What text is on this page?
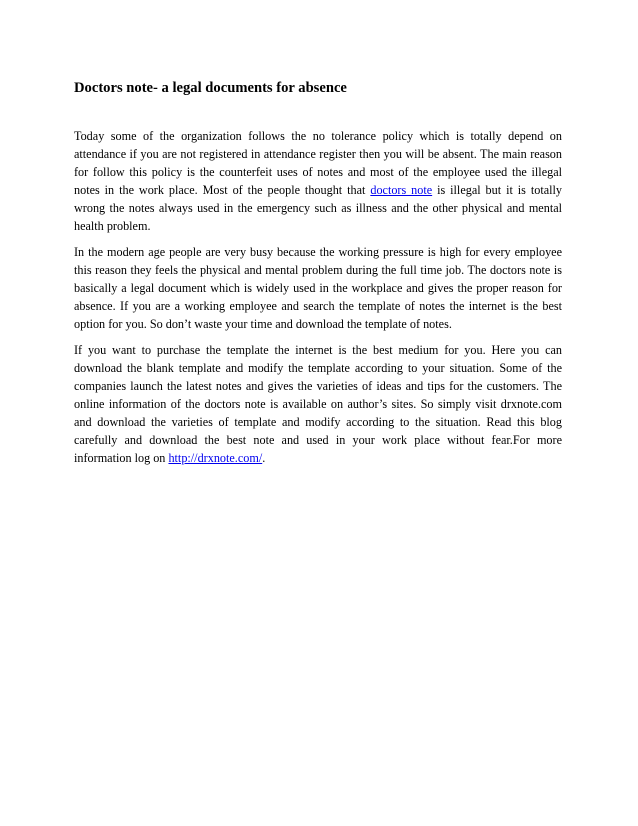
Doctors note- a legal documents for absence

Today some of the organization follows the no tolerance policy which is totally depend on attendance if you are not registered in attendance register then you will be absent. The main reason for follow this policy is the counterfeit uses of notes and most of the employee used the illegal notes in the work place. Most of the people thought that doctors note is illegal but it is totally wrong the notes always used in the emergency such as illness and the other physical and mental health problem.

In the modern age people are very busy because the working pressure is high for every employee this reason they feels the physical and mental problem during the full time job. The doctors note is basically a legal document which is widely used in the workplace and gives the proper reason for absence. If you are a working employee and search the template of notes the internet is the best option for you. So don’t waste your time and download the template of notes.

If you want to purchase the template the internet is the best medium for you. Here you can download the blank template and modify the template according to your situation. Some of the companies launch the latest notes and gives the varieties of ideas and tips for the customers. The online information of the doctors note is available on author’s sites. So simply visit drxnote.com and download the varieties of template and modify according to the situation. Read this blog carefully and download the best note and used in your work place without fear.For more information log on http://drxnote.com/.
